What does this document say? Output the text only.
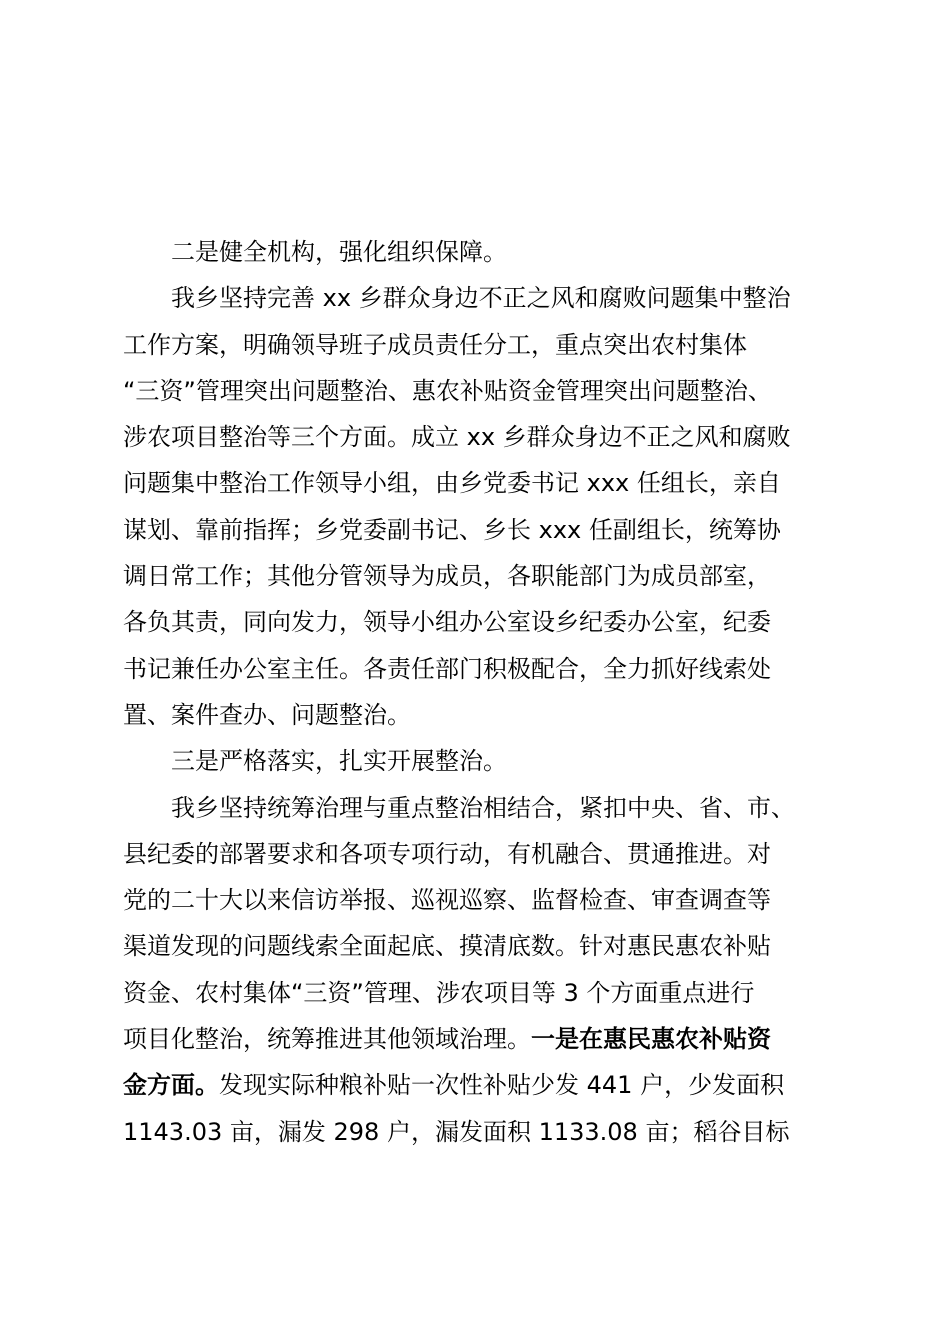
二是健全机构，强化组织保障。
我乡坚持完善 xx 乡群众身边不正之风和腐败问题集中整治
工作方案，明确领导班子成员责任分工，重点突出农村集体
“三资”管理突出问题整治、惠农补贴资金管理突出问题整治、
涉农项目整治等三个方面。成立 xx 乡群众身边不正之风和腐败
问题集中整治工作领导小组，由乡党委书记 xxx 任组长，亲自
谋划、靠前指挥；乡党委副书记、乡长 xxx 任副组长，统筹协
调日常工作；其他分管领导为成员，各职能部门为成员部室，
各负其责，同向发力，领导小组办公室设乡纪委办公室，纪委
书记兼任办公室主任。各责任部门积极配合，全力抓好线索处
置、案件查办、问题整治。
三是严格落实，扎实开展整治。
我乡坚持统筹治理与重点整治相结合，紧扣中央、省、市、
县纪委的部署要求和各项专项行动，有机融合、贯通推进。对
党的二十大以来信访举报、巡视巡察、监督检查、审查调查等
渠道发现的问题线索全面起底、摸清底数。针对惠民惠农补贴
资金、农村集体“三资”管理、涉农项目等 3 个方面重点进行
项目化整治，统筹推进其他领域治理。一是在惠民惠农补贴资
金方面。发现实际种粮补贴一次性补贴少发 441 户，少发面积
1143.03 亩，漏发 298 户，漏发面积 1133.08 亩；稻谷目标
